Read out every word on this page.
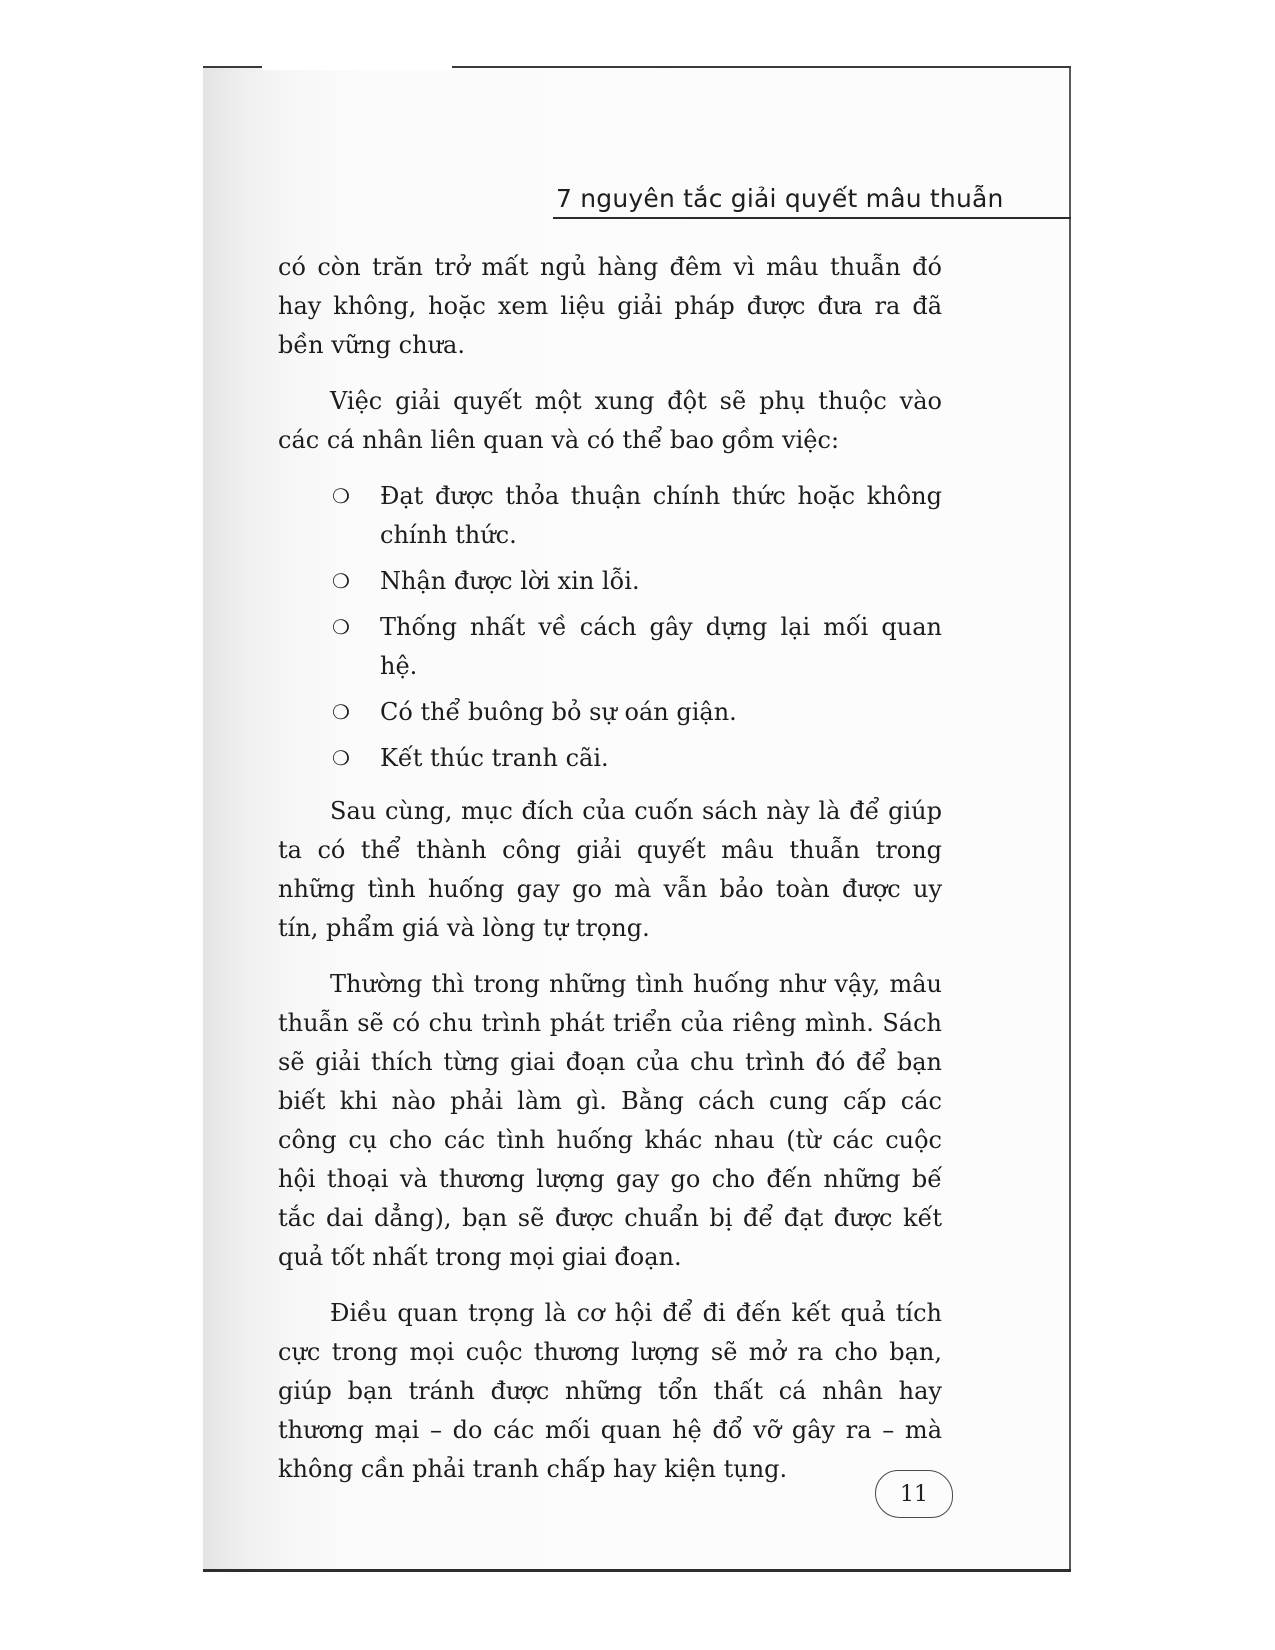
7 nguyên tắc giải quyết mâu thuẫn

có còn trăn trở mất ngủ hàng đêm vì mâu thuẫn đó hay không, hoặc xem liệu giải pháp được đưa ra đã bền vững chưa.

Việc giải quyết một xung đột sẽ phụ thuộc vào các cá nhân liên quan và có thể bao gồm việc:

❍ Đạt được thỏa thuận chính thức hoặc không chính thức.
❍ Nhận được lời xin lỗi.
❍ Thống nhất về cách gây dựng lại mối quan hệ.
❍ Có thể buông bỏ sự oán giận.
❍ Kết thúc tranh cãi.

Sau cùng, mục đích của cuốn sách này là để giúp ta có thể thành công giải quyết mâu thuẫn trong những tình huống gay go mà vẫn bảo toàn được uy tín, phẩm giá và lòng tự trọng.

Thường thì trong những tình huống như vậy, mâu thuẫn sẽ có chu trình phát triển của riêng mình. Sách sẽ giải thích từng giai đoạn của chu trình đó để bạn biết khi nào phải làm gì. Bằng cách cung cấp các công cụ cho các tình huống khác nhau (từ các cuộc hội thoại và thương lượng gay go cho đến những bế tắc dai dẳng), bạn sẽ được chuẩn bị để đạt được kết quả tốt nhất trong mọi giai đoạn.

Điều quan trọng là cơ hội để đi đến kết quả tích cực trong mọi cuộc thương lượng sẽ mở ra cho bạn, giúp bạn tránh được những tổn thất cá nhân hay thương mại – do các mối quan hệ đổ vỡ gây ra – mà không cần phải tranh chấp hay kiện tụng.

11
